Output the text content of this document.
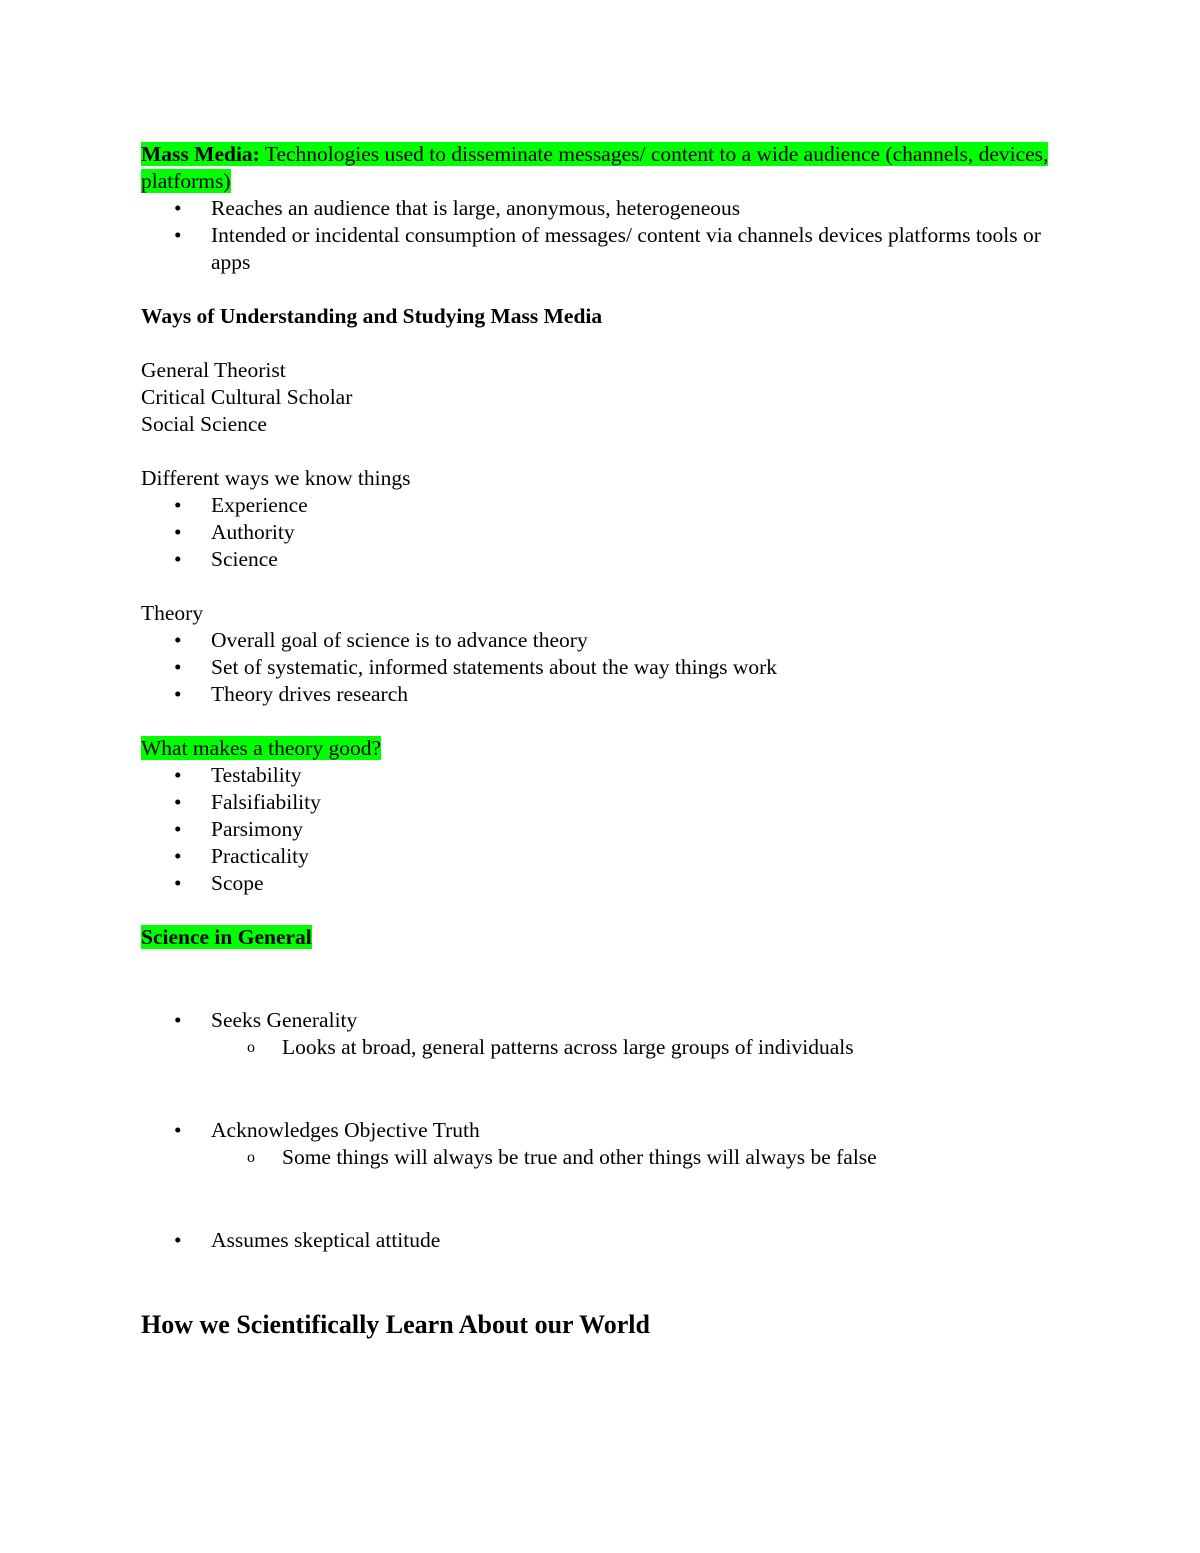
Mass Media: Technologies used to disseminate messages/ content to a wide audience (channels, devices, platforms)

• Reaches an audience that is large, anonymous, heterogeneous
• Intended or incidental consumption of messages/ content via channels devices platforms tools or apps

Ways of Understanding and Studying Mass Media

General Theorist

Critical Cultural Scholar

Social Science

Different ways we know things

• Experience
• Authority
• Science

Theory

• Overall goal of science is to advance theory
• Set of systematic, informed statements about the way things work
• Theory drives research

What makes a theory good?

• Testability
• Falsifiability
• Parsimony
• Practicality
• Scope

Science in General

• Seeks Generality
o Looks at broad, general patterns across large groups of individuals
• Acknowledges Objective Truth
o Some things will always be true and other things will always be false
• Assumes skeptical attitude

How we Scientifically Learn About our World
